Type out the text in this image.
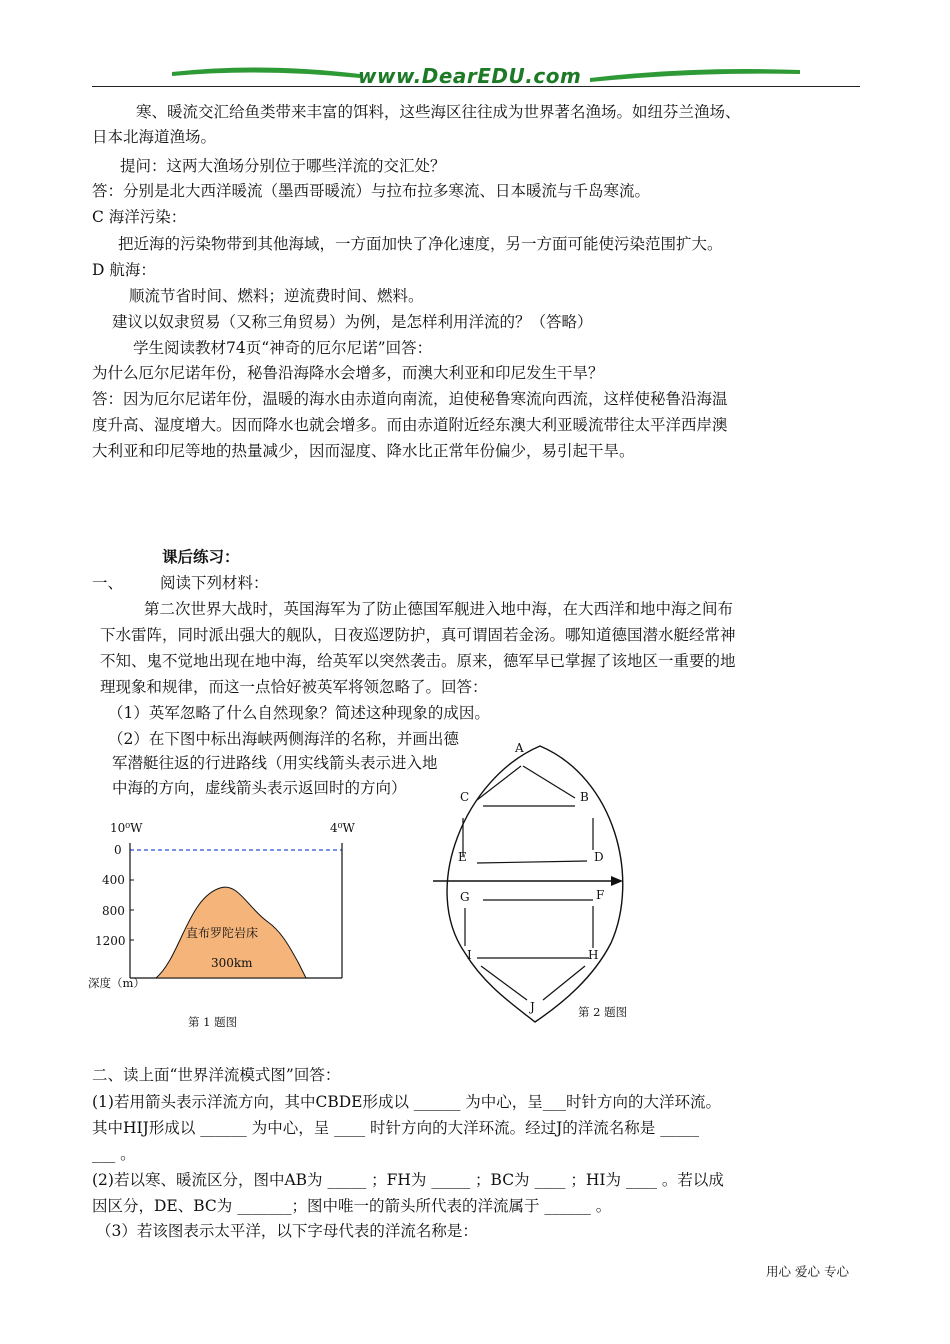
www.DearEDU.com
寒、暖流交汇给鱼类带来丰富的饵料，这些海区往往成为世界著名渔场。如纽芬兰渔场、
日本北海道渔场。
提问：这两大渔场分别位于哪些洋流的交汇处？
答：分别是北大西洋暖流（墨西哥暖流）与拉布拉多寒流、日本暖流与千岛寒流。
C 海洋污染：
把近海的污染物带到其他海域，一方面加快了净化速度，另一方面可能使污染范围扩大。
D 航海：
顺流节省时间、燃料；逆流费时间、燃料。
建议以奴隶贸易（又称三角贸易）为例，是怎样利用洋流的？（答略）
学生阅读教材74页“神奇的厄尔尼诺”回答：
为什么厄尔尼诺年份，秘鲁沿海降水会增多，而澳大利亚和印尼发生干旱？
答：因为厄尔尼诺年份，温暖的海水由赤道向南流，迫使秘鲁寒流向西流，这样使秘鲁沿海温
度升高、湿度增大。因而降水也就会增多。而由赤道附近经东澳大利亚暖流带往太平洋西岸澳
大利亚和印尼等地的热量减少，因而湿度、降水比正常年份偏少，易引起干旱。
课后练习：
一、 阅读下列材料：
第二次世界大战时，英国海军为了防止德国军舰进入地中海，在大西洋和地中海之间布
下水雷阵，同时派出强大的舰队，日夜巡逻防护，真可谓固若金汤。哪知道德国潜水艇经常神
不知、鬼不觉地出现在地中海，给英军以突然袭击。原来，德军早已掌握了该地区一重要的地
理现象和规律，而这一点恰好被英军将领忽略了。回答：
（1）英军忽略了什么自然现象？简述这种现象的成因。
（2）在下图中标出海峡两侧海洋的名称，并画出德
军潜艇往返的行进路线（用实线箭头表示进入地
中海的方向，虚线箭头表示返回时的方向）
10⁰W	4⁰W
0
400
800
1200
直布罗陀岩床
300km
深度（m）
第 1 题图
A
B
C
D
E
F
G
H
I
J	第 2 题图
二、读上面“世界洋流模式图”回答：
(1)若用箭头表示洋流方向，其中CBDE形成以 ______ 为中心，呈___时针方向的大洋环流。
其中HIJ形成以 ______ 为中心，呈 ____ 时针方向的大洋环流。经过J的洋流名称是 _____
___ 。
(2)若以寒、暖流区分，图中AB为 _____ ；FH为 _____ ；BC为 ____ ；HI为 ____ 。若以成
因区分，DE、BC为 _______；图中唯一的箭头所代表的洋流属于 ______ 。
（3）若该图表示太平洋，以下字母代表的洋流名称是：
用心 爱心 专心
